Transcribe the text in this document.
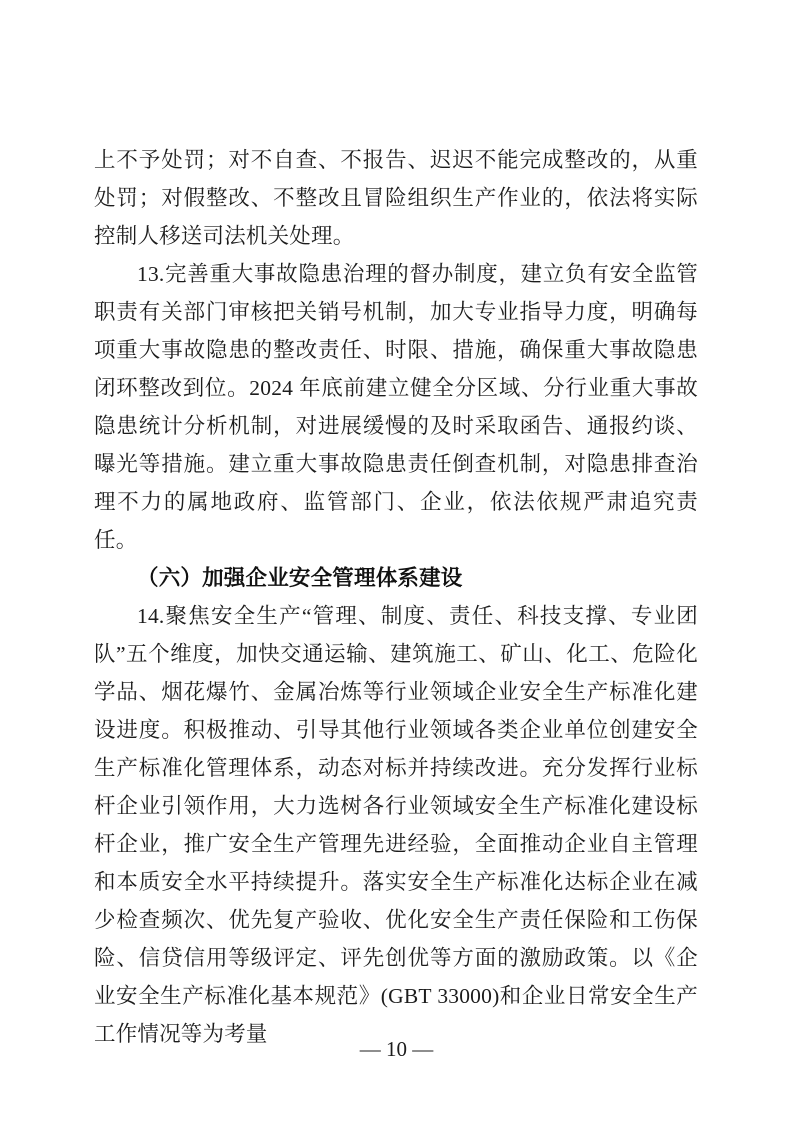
上不予处罚；对不自查、不报告、迟迟不能完成整改的，从重处罚；对假整改、不整改且冒险组织生产作业的，依法将实际控制人移送司法机关处理。

13.完善重大事故隐患治理的督办制度，建立负有安全监管职责有关部门审核把关销号机制，加大专业指导力度，明确每项重大事故隐患的整改责任、时限、措施，确保重大事故隐患闭环整改到位。2024 年底前建立健全分区域、分行业重大事故隐患统计分析机制，对进展缓慢的及时采取函告、通报约谈、曝光等措施。建立重大事故隐患责任倒查机制，对隐患排查治理不力的属地政府、监管部门、企业，依法依规严肃追究责任。

（六）加强企业安全管理体系建设

14.聚焦安全生产“管理、制度、责任、科技支撑、专业团队”五个维度，加快交通运输、建筑施工、矿山、化工、危险化学品、烟花爆竹、金属冶炼等行业领域企业安全生产标准化建设进度。积极推动、引导其他行业领域各类企业单位创建安全生产标准化管理体系，动态对标并持续改进。充分发挥行业标杆企业引领作用，大力选树各行业领域安全生产标准化建设标杆企业，推广安全生产管理先进经验，全面推动企业自主管理和本质安全水平持续提升。落实安全生产标准化达标企业在减少检查频次、优先复产验收、优化安全生产责任保险和工伤保险、信贷信用等级评定、评先创优等方面的激励政策。以《企业安全生产标准化基本规范》(GBT 33000)和企业日常安全生产工作情况等为考量

— 10 —
